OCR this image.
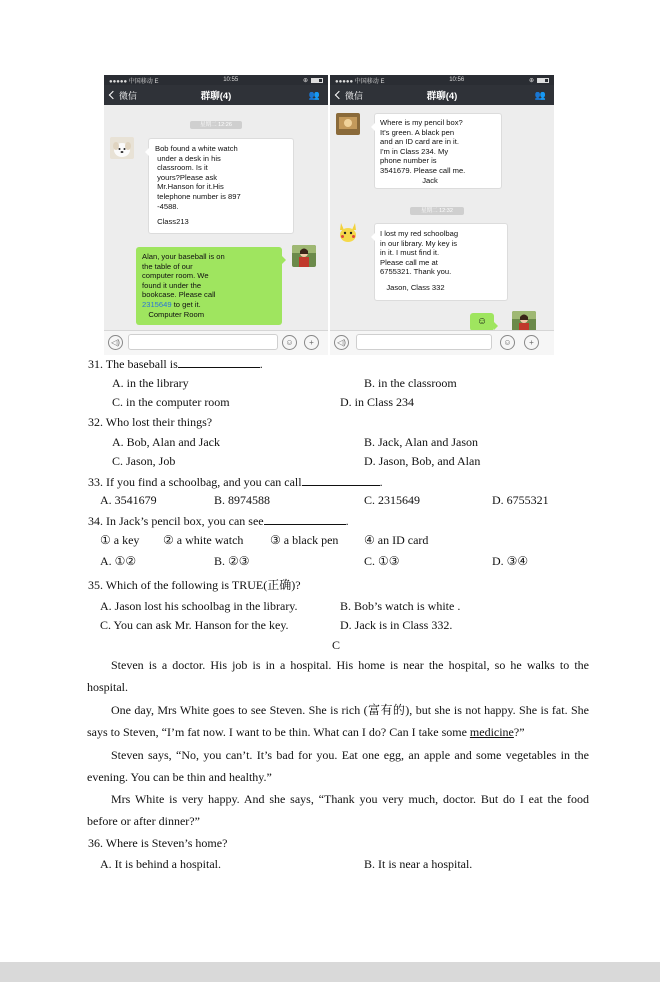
●●●●● 中国移动 E	10:55	⊕
微信	群聊(4)	👥
星期二 12:26
Bob found a white watch
under a desk in his
classroom. Is it
yours?Please ask
Mr.Hanson for it.His
telephone number is 897
-4588.
Class213
Alan, your baseball is on
the table of our
computer room. We
found it under the
bookcase. Please call
2315649 to get it.
Computer Room
◁)	☺	+
●●●●● 中国移动 E	10:56	⊕
微信	群聊(4)	👥
Where is my pencil box?
It's green. A black pen
and an ID card are in it.
I'm in Class 234. My
phone number is
3541679. Please call me.
Jack
星期二 12:32
I lost my red schoolbag
in our library. My key is
in it. I must find it.
Please call me at
6755321. Thank you.
Jason, Class 332
☺
◁)	☺	+
31. The baseball is	.
A. in the library	B. in the classroom
C. in the computer room	D. in Class 234
32. Who lost their things?
A. Bob, Alan and Jack	B. Jack, Alan and Jason
C. Jason, Job	D. Jason, Bob, and Alan
33. If you find a schoolbag, and you can call	.
A. 3541679	B. 8974588	C. 2315649	D. 6755321
34. In Jack’s pencil box, you can see	.
① a key ② a white watch ③ a black pen ④ an ID card
A. ①②	B. ②③	C. ①③	D. ③④
35. Which of the following is TRUE(正确)?
A. Jason lost his schoolbag in the library.	B. Bob’s watch is white .
C. You can ask Mr. Hanson for the key.	D. Jack is in Class 332.
C
Steven is a doctor. His job is in a hospital. His home is near the hospital, so he walks to the hospital.
One day, Mrs White goes to see Steven. She is rich (富有的), but she is not happy. She is fat. She says to Steven, “I’m fat now. I want to be thin. What can I do? Can I take some medicine?”
Steven says, “No, you can’t. It’s bad for you. Eat one egg, an apple and some vegetables in the evening. You can be thin and healthy.”
Mrs White is very happy. And she says, “Thank you very much, doctor. But do I eat the food before or after dinner?”
36. Where is Steven’s home?
A. It is behind a hospital.	B. It is near a hospital.
